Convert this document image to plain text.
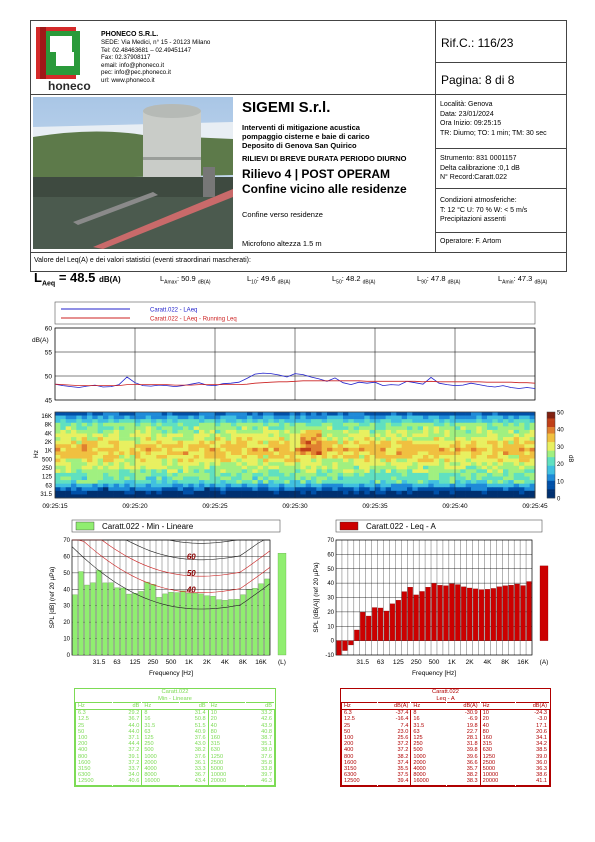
honeco
PHONECO S.R.L.
SEDE: Via Medici, n° 15 - 20123 Milano
Tel: 02.48463681 – 02.49451147
Fax: 02.37908117
email: info@phoneco.it
pec: info@pec.phoneco.it
url: www.phoneco.it
Rif.C.: 116/23
Pagina: 8 di 8
SIGEMI S.r.l.
Interventi di mitigazione acustica
pompaggio cisterne e baie di carico
Deposito di Genova San Quirico
RILIEVI DI BREVE DURATA PERIODO DIURNO
Rilievo 4 | POST OPERAM
Confine vicino alle residenze
Confine verso residenze
Microfono altezza 1.5 m
Località: Genova
Data: 23/01/2024
Ora Inizio: 09:25:15
TR: Diurno; TO: 1 min; TM: 30 sec
Strumento: 831 0001157
Delta calibrazione :0,1 dB
N° Record:Caratt.022
Condizioni atmosferiche:
T: 12 °C U: 70 % W: < 5 m/s
Precipitazioni assenti
Operatore: F. Artom
Valore del Leq(A) e dei valori statistici (eventi straordinari mascherati):
$L_{Aeq} = 48.5$ dB(A)	$L_{Amax}$: 50.9 $_{dB(A)}$	$L_{10}$: 49.6 $_{dB(A)}$	$L_{50}$: 48.2 $_{dB(A)}$	$L_{90}$: 47.8 $_{dB(A)}$	$L_{Amin}$: 47.3 $_{dB(A)}$
Caratt.022 - LAeq
Caratt.022 - LAeq - Running Leq
60
55
50
45
dB(A)
09:25:15	09:25:20	09:25:25	09:25:30	09:25:35	09:25:40	09:25:45
16K
8K
4K
2K
1K
500
250
125
63
31.5
Hz
50
40
30
20
10
0
dB
Caratt.022 - Min - Lineare
70
60
50
40
30
20
10
0
31.5 63 125 250 500 1K 2K 4K 8K 16K (L)
Frequency [Hz]
SPL [dB] (ref 20 µPa)
60
50
40
Caratt.022 - Leq - A
70
60
50
40
30
20
10
0
-10
31.5 63 125 250 500 1K 2K 4K 8K 16K (A)
Frequency [Hz]
SPL [dB(A)] (ref 20 µPa)
Caratt.022
Min - Lineare
Hz	dB	Hz	dB	Hz	dB
6.3	29.2	8	31.4	10	33.2
12.5	36.7	16	50.8	20	42.6
25	44.0	31.5	51.5	40	43.9
50	44.0	63	40.9	80	40.8
100	37.1	125	37.6	160	38.7
200	44.4	250	43.0	315	35.1
400	37.2	500	38.2	630	38.0
800	39.1	1000	37.6	1250	37.6
1600	37.2	2000	36.1	2500	35.8
3150	33.7	4000	33.3	5000	33.8
6300	34.0	8000	36.7	10000	39.7
12500	40.6	16000	43.4	20000	46.3
Caratt.022
Leq - A
Hz	dB(A)	Hz	dB(A)	Hz	dB(A)
6.3	-37.4	8	-30.9	10	-24.3
12.5	-16.4	16	-6.9	20	-3.0
25	7.4	31.5	19.8	40	17.1
50	23.0	63	22.7	80	20.6
100	25.6	125	28.1	160	34.1
200	37.2	250	31.8	315	34.2
400	37.2	500	39.8	630	38.5
800	38.2	1000	39.6	1250	39.0
1600	37.4	2000	36.6	2500	36.0
3150	35.5	4000	35.7	5000	36.3
6300	37.5	8000	38.2	10000	38.6
12500	39.4	16000	38.3	20000	41.1
